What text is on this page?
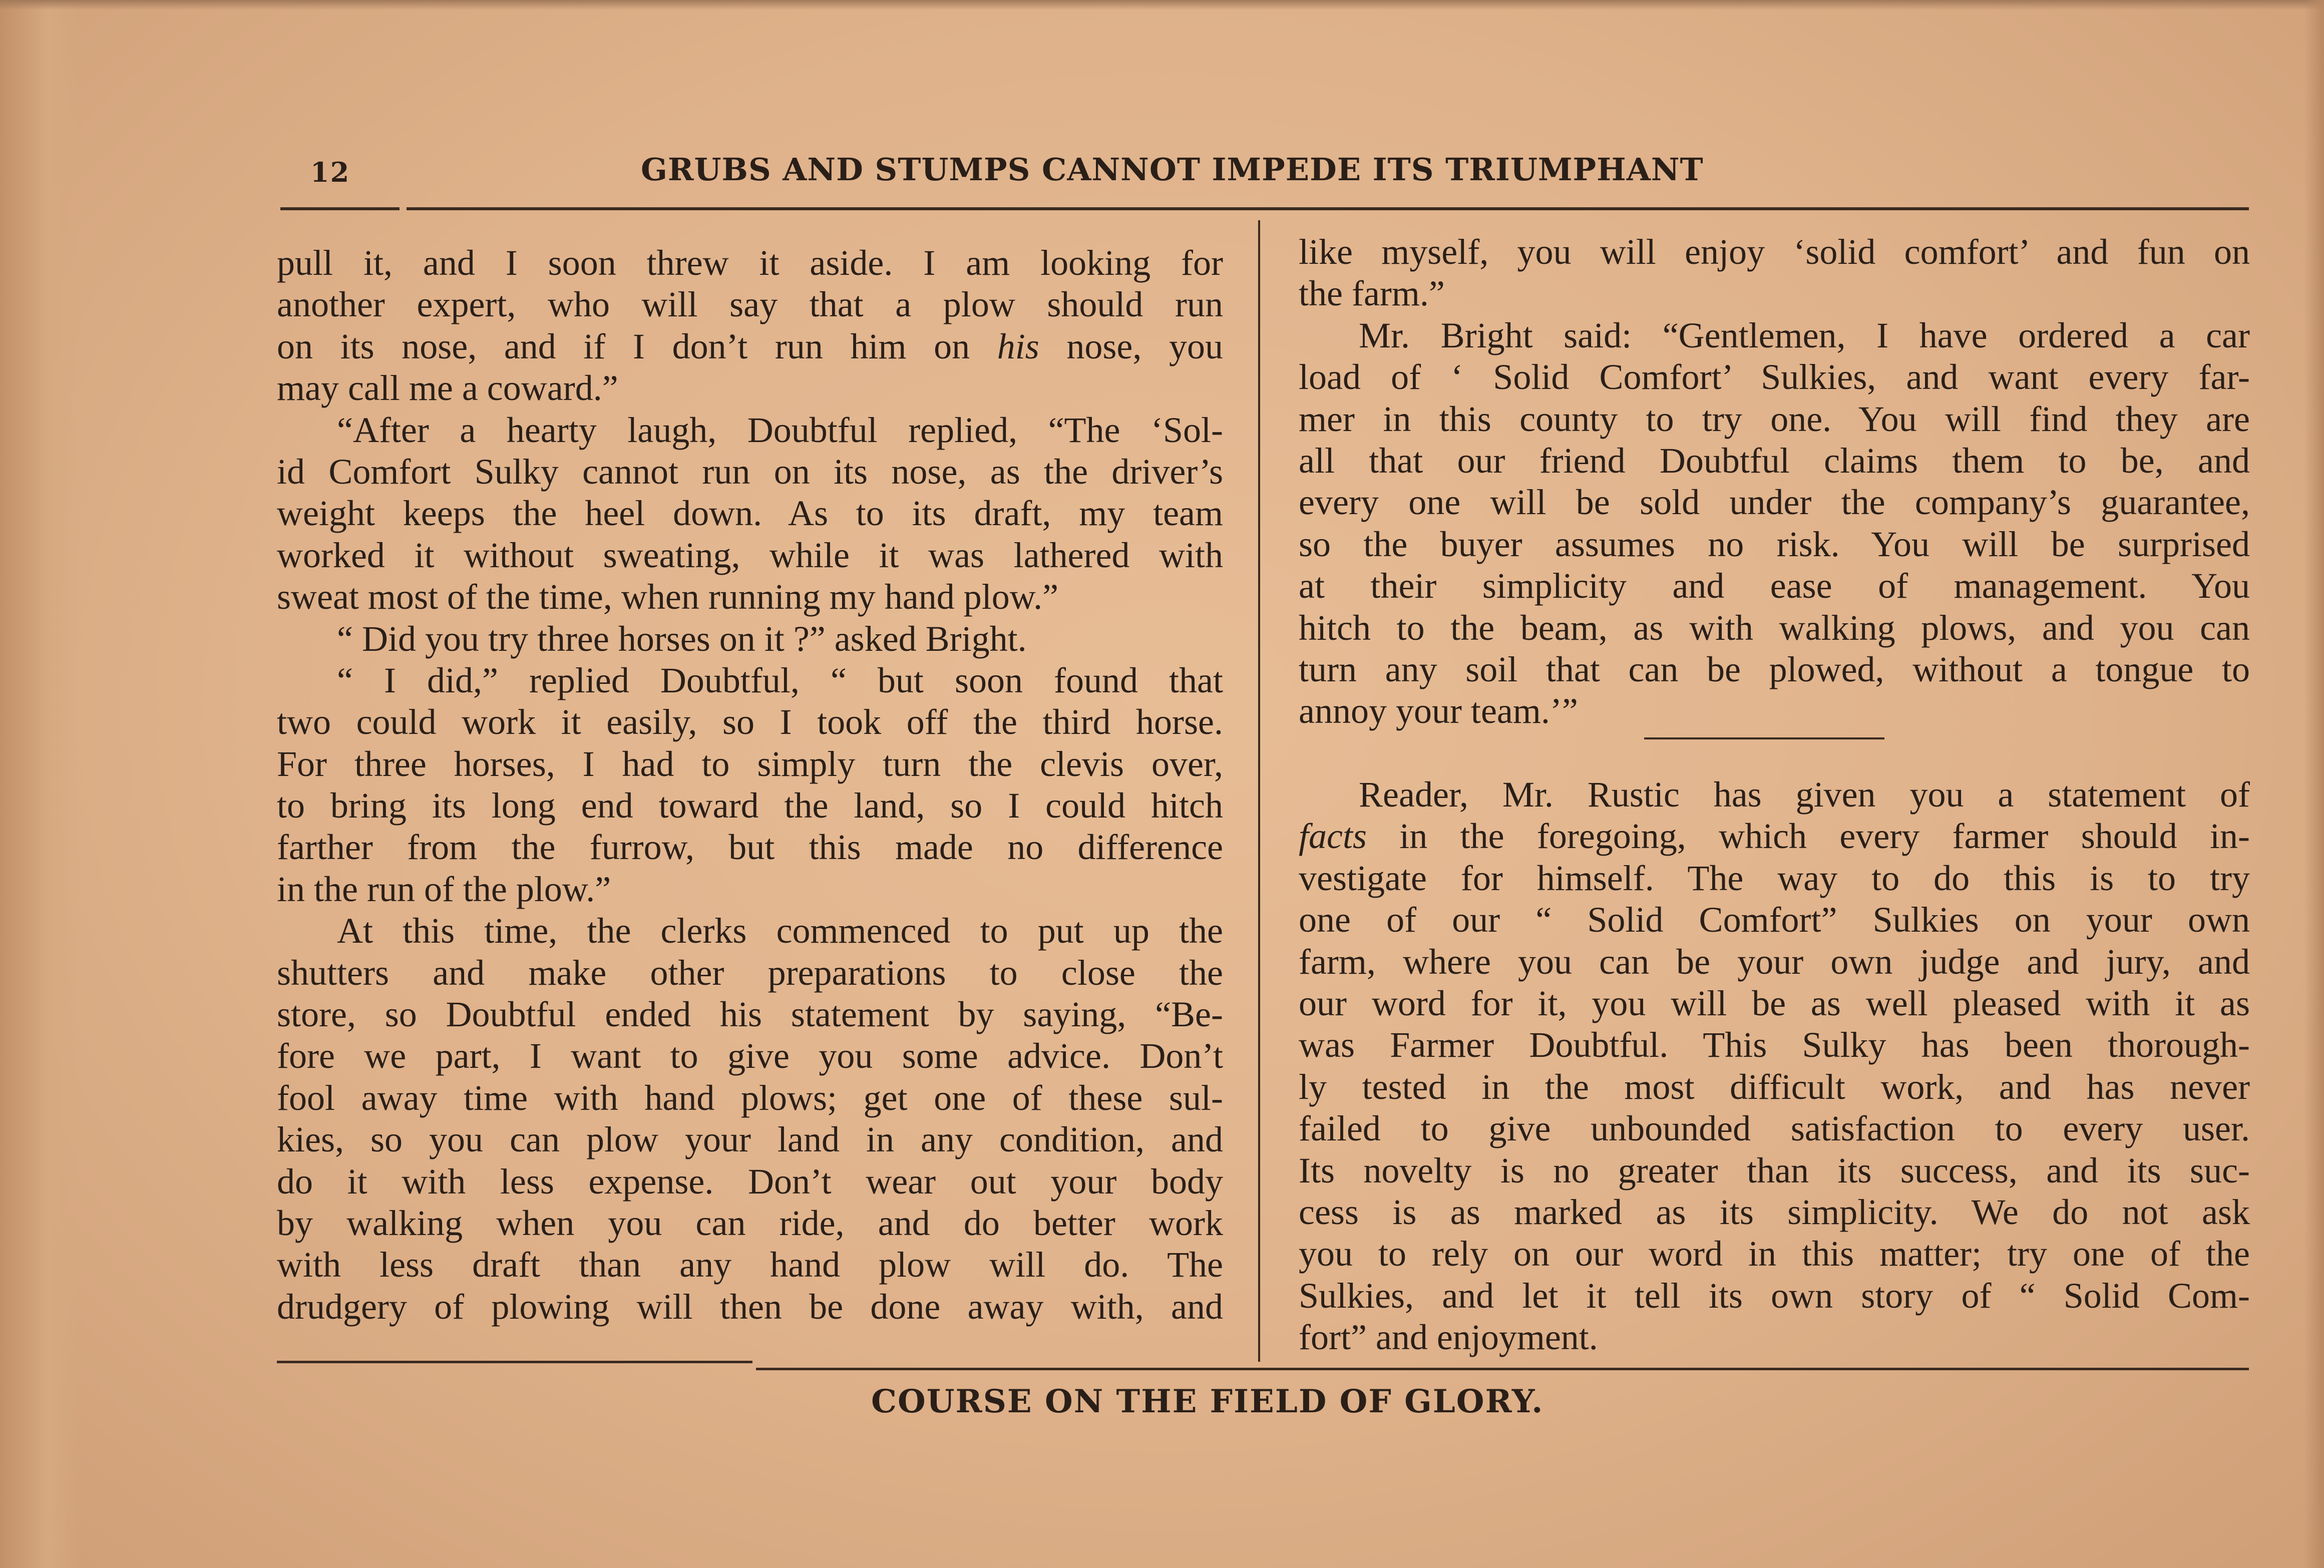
12	GRUBS AND STUMPS CANNOT IMPEDE ITS TRIUMPHANT
pull it, and I soon threw it aside. I am looking for
another expert, who will say that a plow should run
on its nose, and if I don’t run him on his nose, you
may call me a coward.”
“After a hearty laugh, Doubtful replied, “The ‘Sol-
id Comfort Sulky cannot run on its nose, as the driver’s
weight keeps the heel down. As to its draft, my team
worked it without sweating, while it was lathered with
sweat most of the time, when running my hand plow.”
“ Did you try three horses on it ?” asked Bright.
“ I did,” replied Doubtful, “ but soon found that
two could work it easily, so I took off the third horse.
For three horses, I had to simply turn the clevis over,
to bring its long end toward the land, so I could hitch
farther from the furrow, but this made no difference
in the run of the plow.”
At this time, the clerks commenced to put up the
shutters and make other preparations to close the
store, so Doubtful ended his statement by saying, “Be-
fore we part, I want to give you some advice. Don’t
fool away time with hand plows; get one of these sul-
kies, so you can plow your land in any condition, and
do it with less expense. Don’t wear out your body
by walking when you can ride, and do better work
with less draft than any hand plow will do. The
drudgery of plowing will then be done away with, and
like myself, you will enjoy ‘solid comfort’ and fun on
the farm.”
Mr. Bright said: “Gentlemen, I have ordered a car
load of ‘ Solid Comfort’ Sulkies, and want every far-
mer in this county to try one. You will find they are
all that our friend Doubtful claims them to be, and
every one will be sold under the company’s guarantee,
so the buyer assumes no risk. You will be surprised
at their simplicity and ease of management. You
hitch to the beam, as with walking plows, and you can
turn any soil that can be plowed, without a tongue to
annoy your team.’”
Reader, Mr. Rustic has given you a statement of
facts in the foregoing, which every farmer should in-
vestigate for himself. The way to do this is to try
one of our “ Solid Comfort” Sulkies on your own
farm, where you can be your own judge and jury, and
our word for it, you will be as well pleased with it as
was Farmer Doubtful. This Sulky has been thorough-
ly tested in the most difficult work, and has never
failed to give unbounded satisfaction to every user.
Its novelty is no greater than its success, and its suc-
cess is as marked as its simplicity. We do not ask
you to rely on our word in this matter; try one of the
Sulkies, and let it tell its own story of “ Solid Com-
fort” and enjoyment.
COURSE ON THE FIELD OF GLORY.
